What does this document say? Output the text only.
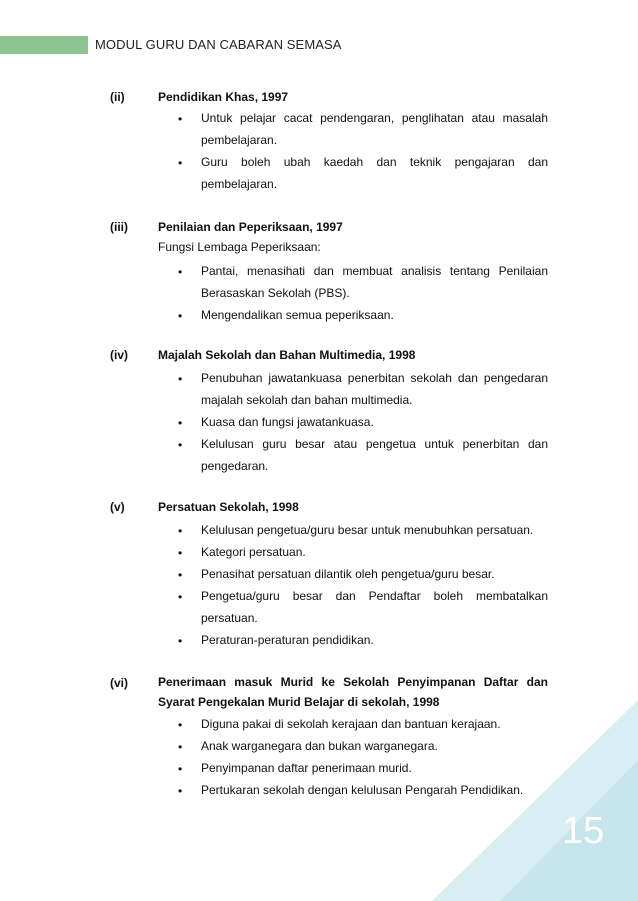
MODUL GURU DAN CABARAN SEMASA
(ii)	Pendidikan Khas, 1997
• Untuk pelajar cacat pendengaran, penglihatan atau masalah pembelajaran.
• Guru boleh ubah kaedah dan teknik pengajaran dan pembelajaran.
(iii)	Penilaian dan Peperiksaan, 1997
Fungsi Lembaga Peperiksaan:
• Pantai, menasihati dan membuat analisis tentang Penilaian Berasaskan Sekolah (PBS).
• Mengendalikan semua peperiksaan.
(iv)	Majalah Sekolah dan Bahan Multimedia, 1998
• Penubuhan jawatankuasa penerbitan sekolah dan pengedaran majalah sekolah dan bahan multimedia.
• Kuasa dan fungsi jawatankuasa.
• Kelulusan guru besar atau pengetua untuk penerbitan dan pengedaran.
(v)	Persatuan Sekolah, 1998
• Kelulusan pengetua/guru besar untuk menubuhkan persatuan.
• Kategori persatuan.
• Penasihat persatuan dilantik oleh pengetua/guru besar.
• Pengetua/guru besar dan Pendaftar boleh membatalkan persatuan.
• Peraturan-peraturan pendidikan.
(vi)	Penerimaan masuk Murid ke Sekolah Penyimpanan Daftar dan Syarat Pengekalan Murid Belajar di sekolah, 1998
• Diguna pakai di sekolah kerajaan dan bantuan kerajaan.
• Anak warganegara dan bukan warganegara.
• Penyimpanan daftar penerimaan murid.
• Pertukaran sekolah dengan kelulusan Pengarah Pendidikan.
15
